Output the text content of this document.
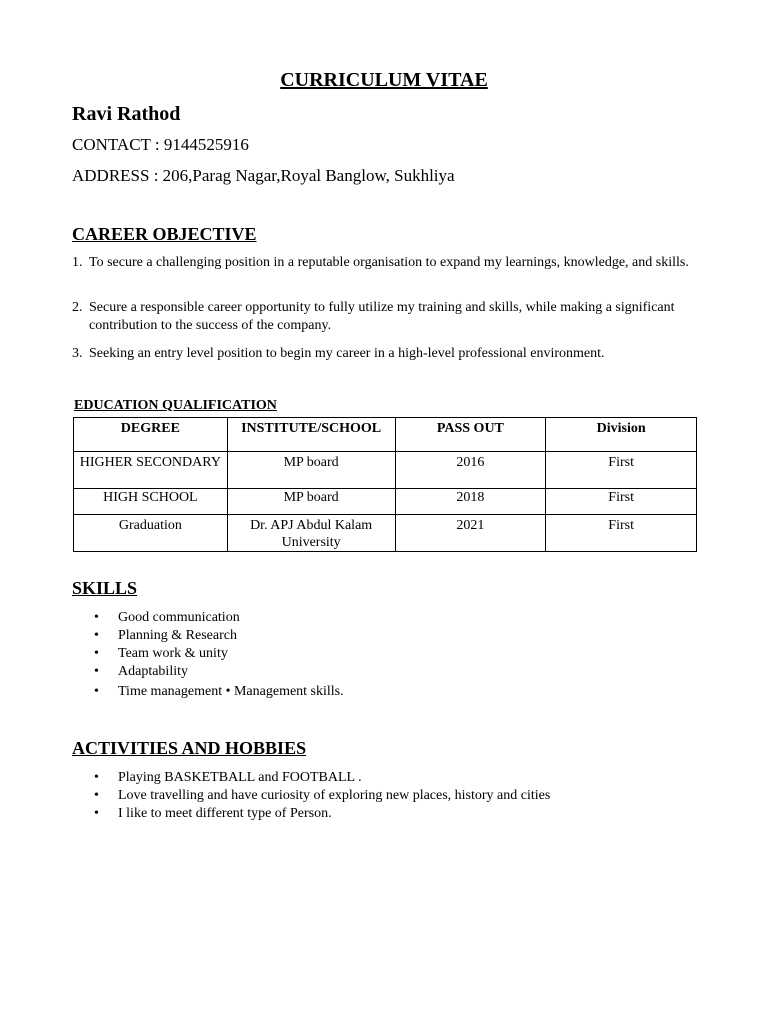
CURRICULUM VITAE
Ravi Rathod
CONTACT : 9144525916
ADDRESS : 206,Parag Nagar,Royal Banglow, Sukhliya
CAREER OBJECTIVE
1. To secure a challenging position in a reputable organisation to expand my learnings, knowledge, and skills.
2. Secure a responsible career opportunity to fully utilize my training and skills, while making a significant contribution to the success of the company.
3. Seeking an entry level position to begin my career in a high-level professional environment.
EDUCATION QUALIFICATION
DEGREE	INSTITUTE/SCHOOL	PASS OUT	Division
HIGHER SECONDARY	MP board	2016	First
HIGH SCHOOL	MP board	2018	First
Graduation	Dr. APJ Abdul Kalam University	2021	First
SKILLS
• Good communication
• Planning & Research
• Team work & unity
• Adaptability
• Time management • Management skills.
ACTIVITIES AND HOBBIES
• Playing BASKETBALL and FOOTBALL .
• Love travelling and have curiosity of exploring new places, history and cities
• I like to meet different type of Person.
